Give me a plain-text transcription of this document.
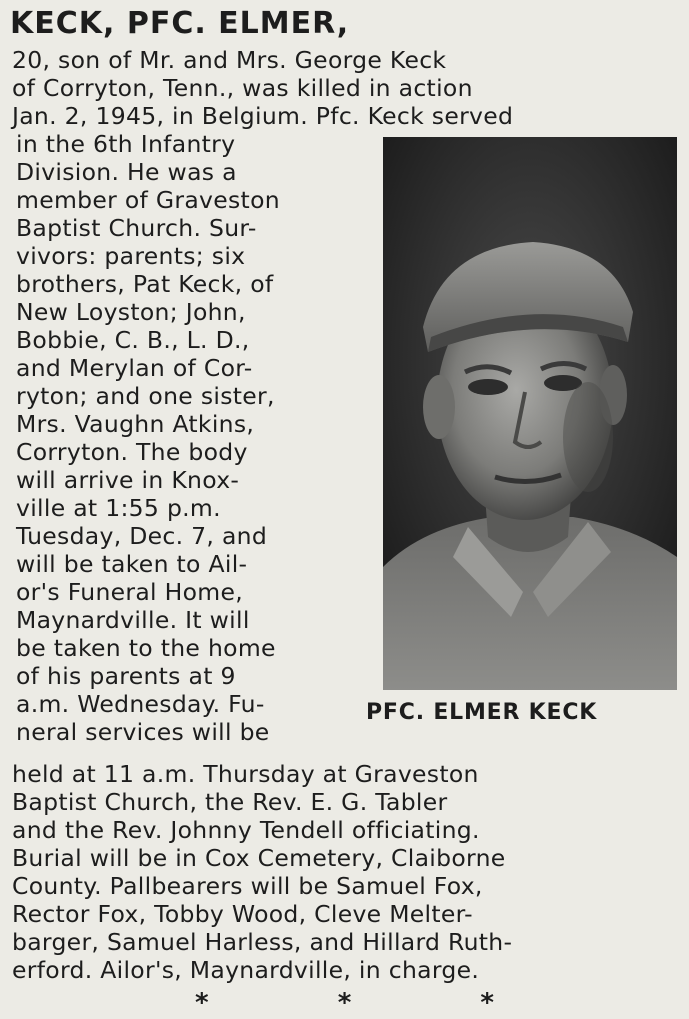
KECK, PFC. ELMER,
20, son of Mr. and Mrs. George Keck
of Corryton, Tenn., was killed in action
Jan. 2, 1945, in Belgium. Pfc. Keck served
in the 6th Infantry
Division. He was a
member of Graveston
Baptist Church. Sur-
vivors: parents; six
brothers, Pat Keck, of
New Loyston; John,
Bobbie, C. B., L. D.,
and Merylan of Cor-
ryton; and one sister,
Mrs. Vaughn Atkins,
Corryton. The body
will arrive in Knox-
ville at 1:55 p.m.
Tuesday, Dec. 7, and
will be taken to Ail-
or's Funeral Home,
Maynardville. It will
be taken to the home
of his parents at 9
a.m. Wednesday. Fu-
neral services will be
PFC. ELMER KECK
held at 11 a.m. Thursday at Graveston
Baptist Church, the Rev. E. G. Tabler
and the Rev. Johnny Tendell officiating.
Burial will be in Cox Cemetery, Claiborne
County. Pallbearers will be Samuel Fox,
Rector Fox, Tobby Wood, Cleve Melter-
barger, Samuel Harless, and Hillard Ruth-
erford. Ailor's, Maynardville, in charge.
* * *
